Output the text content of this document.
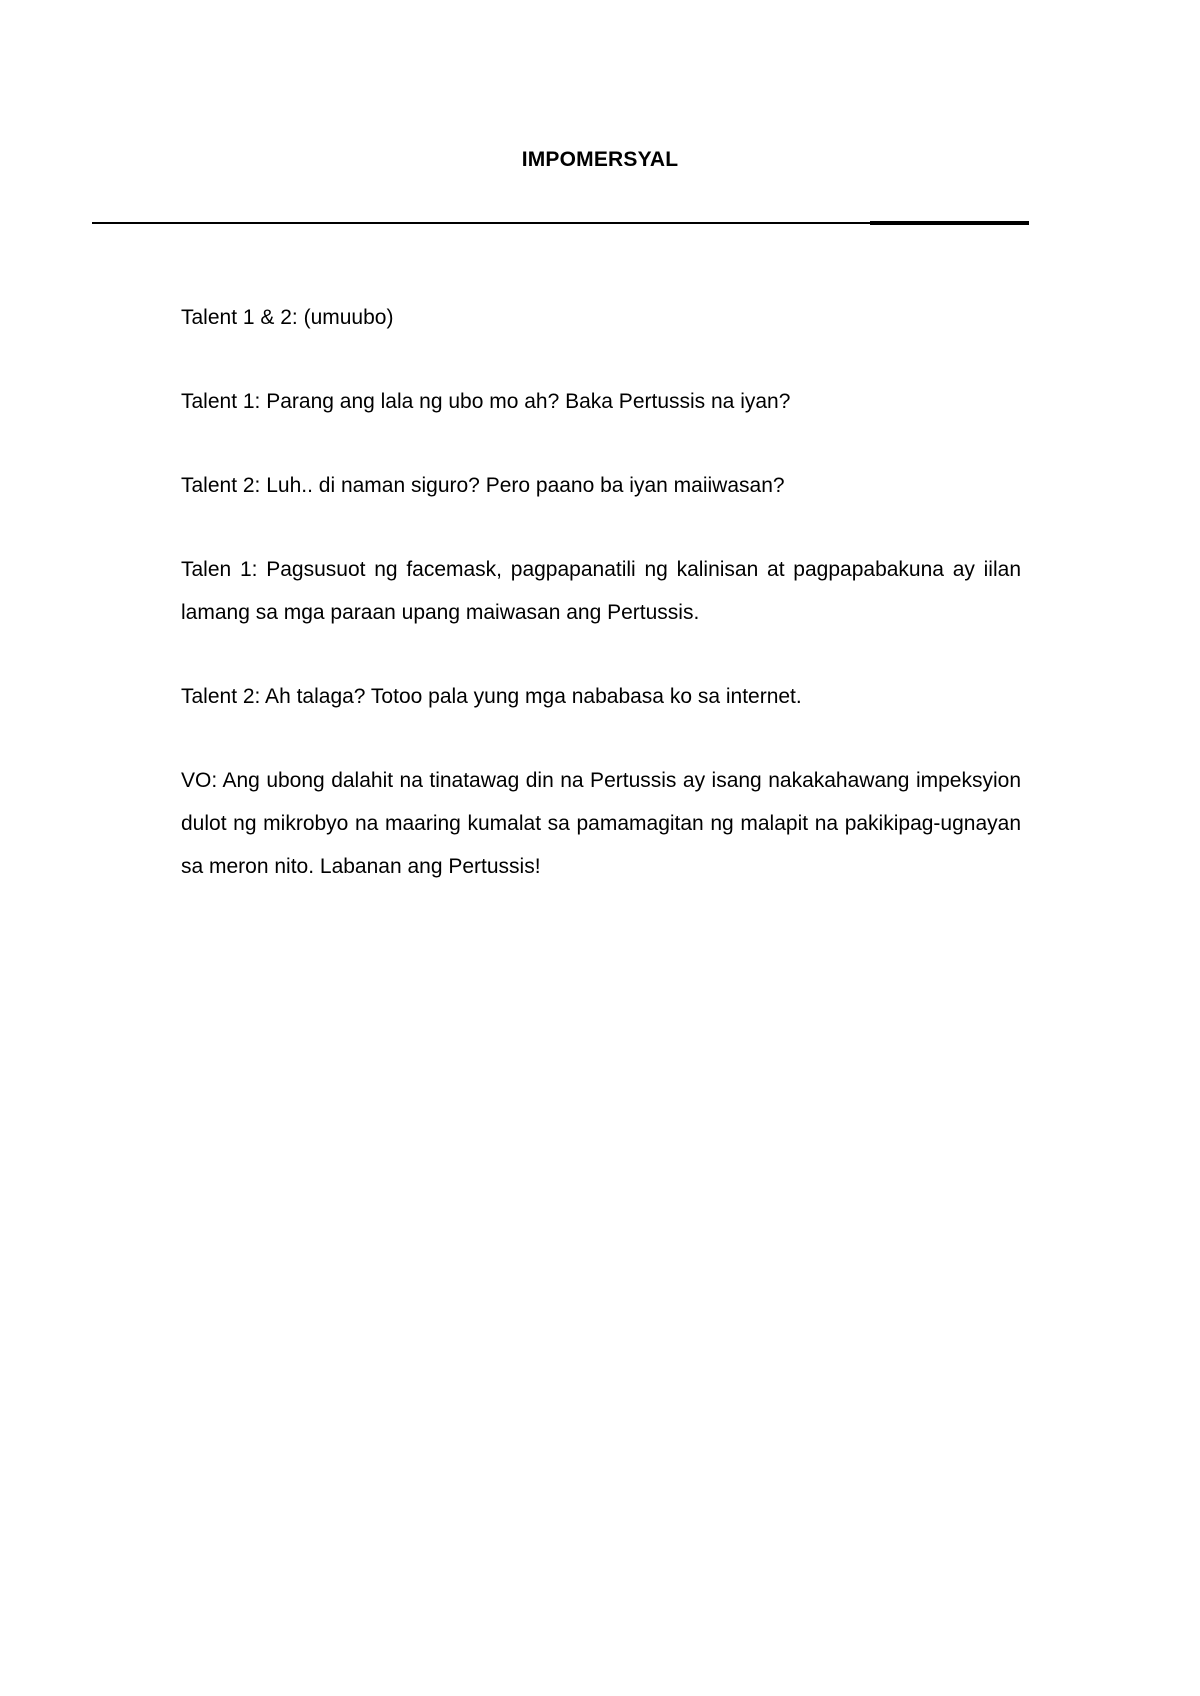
IMPOMERSYAL

Talent 1 & 2: (umuubo)

Talent 1: Parang ang lala ng ubo mo ah? Baka Pertussis na iyan?

Talent 2: Luh.. di naman siguro? Pero paano ba iyan maiiwasan?

Talen 1: Pagsusuot ng facemask, pagpapanatili ng kalinisan at pagpapabakuna ay iilan lamang sa mga paraan upang maiwasan ang Pertussis.

Talent 2: Ah talaga? Totoo pala yung mga nababasa ko sa internet.

VO: Ang ubong dalahit na tinatawag din na Pertussis ay isang nakakahawang impeksyion dulot ng mikrobyo na maaring kumalat sa pamamagitan ng malapit na pakikipag-ugnayan sa meron nito. Labanan ang Pertussis!
